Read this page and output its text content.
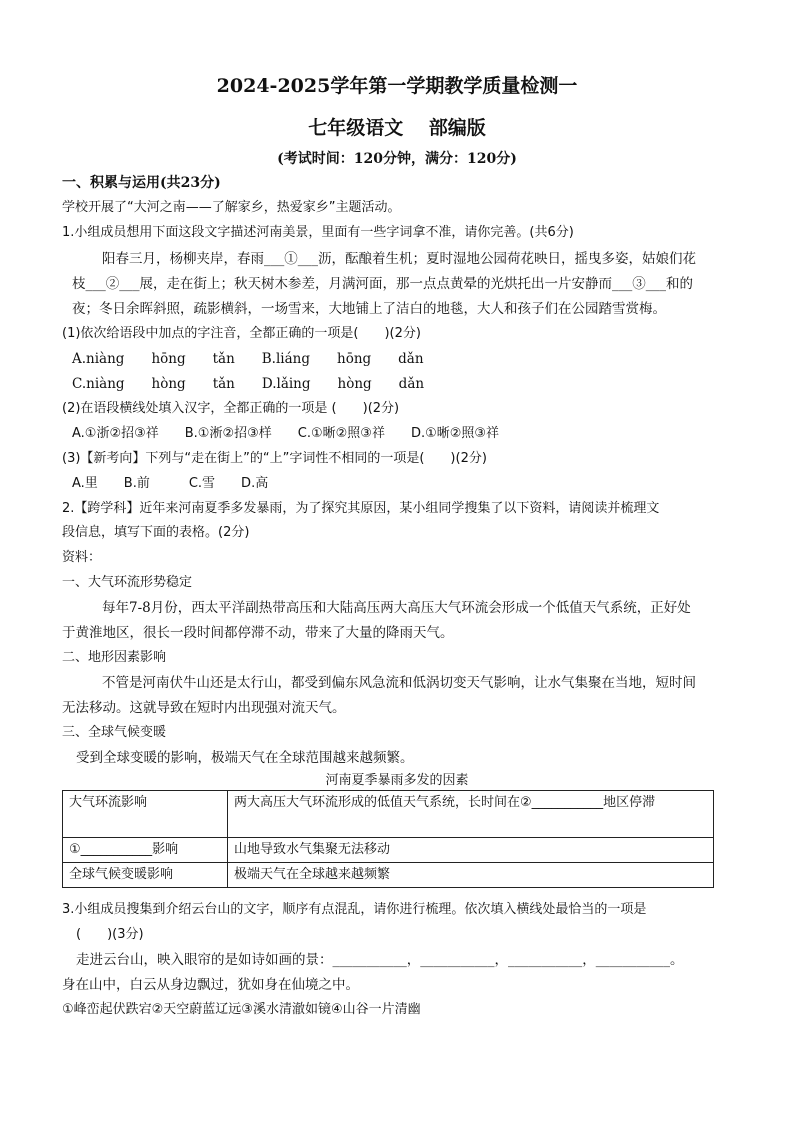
2024-2025学年第一学期教学质量检测一
七年级语文　 部编版
(考试时间：120分钟，满分：120分)
一、积累与运用(共23分)
学校开展了“大河之南——了解家乡，热爱家乡”主题活动。
1.小组成员想用下面这段文字描述河南美景，里面有一些字词拿不准，请你完善。(共6分)
阳春三月，杨柳夹岸，春雨___①___沥，酝酿着生机；夏时湿地公园荷花映日，摇曳多姿，姑娘们花
枝___②___展，走在街上；秋天树木参差，月满河面，那一点点黄晕的光烘托出一片安静而___③___和的
夜；冬日余晖斜照，疏影横斜，一场雪来，大地铺上了洁白的地毯，大人和孩子们在公园踏雪赏梅。
(1)依次给语段中加点的字注音，全都正确的一项是(　　)(2分)
A.niàng　　hōng　　tǎn　　B.liáng　　hōng　　dǎn
C.niàng　　hòng　　tǎn　　D.lǎing　　hòng　　dǎn
(2)在语段横线处填入汉字，全都正确的一项是 (　　)(2分)
A.①浙②招③祥　　B.①淅②招③样　　C.①晰②照③祥　　D.①晰②照③祥
(3)【新考向】下列与“走在街上”的“上”字词性不相同的一项是(　　)(2分)
A.里　　B.前　　　C.雪　　D.高
2.【跨学科】近年来河南夏季多发暴雨，为了探究其原因，某小组同学搜集了以下资料，请阅读并梳理文
段信息，填写下面的表格。(2分)
资料：
一、大气环流形势稳定
每年7-8月份，西太平洋副热带高压和大陆高压两大高压大气环流会形成一个低值天气系统，正好处
于黄淮地区，很长一段时间都停滞不动，带来了大量的降雨天气。
二、地形因素影响
不管是河南伏牛山还是太行山，都受到偏东风急流和低涡切变天气影响，让水气集聚在当地，短时间
无法移动。这就导致在短时内出现强对流天气。
三、全球气候变暖
受到全球变暖的影响，极端天气在全球范围越来越频繁。
河南夏季暴雨多发的因素
大气环流影响	两大高压大气环流形成的低值天气系统，长时间在②___________地区停滞
①___________影响	山地导致水气集聚无法移动
全球气候变暖影响	极端天气在全球越来越频繁
3.小组成员搜集到介绍云台山的文字，顺序有点混乱，请你进行梳理。依次填入横线处最恰当的一项是
(　　)(3分)
走进云台山，映入眼帘的是如诗如画的景：___________，___________，___________，___________。
身在山中，白云从身边飘过，犹如身在仙境之中。
①峰峦起伏跌宕②天空蔚蓝辽远③溪水清澈如镜④山谷一片清幽
